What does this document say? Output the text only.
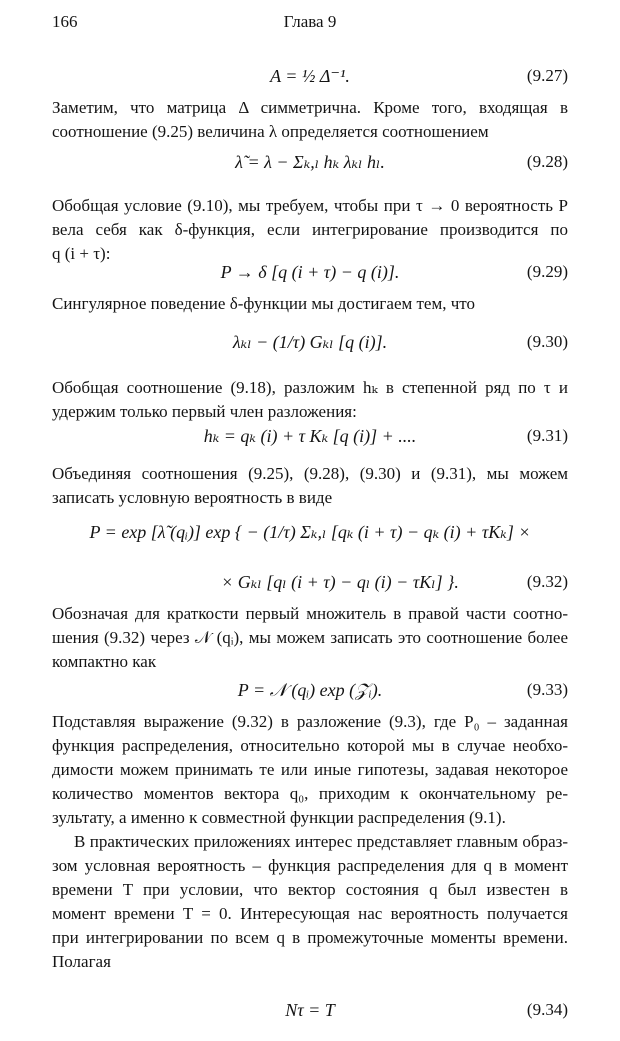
166	Глава 9
A = ½ Δ⁻¹.	(9.27)
Заметим, что матрица Δ симметрична. Кроме того, входящая в
соотношение (9.25) величина λ определяется соотношением
λ̃ = λ − Σₖ,ₗ hₖ λₖₗ hₗ.	(9.28)
Обобщая условие (9.10), мы требуем, чтобы при τ → 0 вероятность P
вела себя как δ-функция, если интегрирование производится по
q (i + τ):
P → δ [q (i + τ) − q (i)].	(9.29)
Сингулярное поведение δ-функции мы достигаем тем, что
λₖₗ − (1/τ) Gₖₗ [q (i)].	(9.30)
Обобщая соотношение (9.18), разложим hₖ в степенной ряд по τ и
удержим только первый член разложения:
hₖ = qₖ (i) + τ Kₖ [q (i)] + ....	(9.31)
Объединяя соотношения (9.25), (9.28), (9.30) и (9.31), мы можем
записать условную вероятность в виде
P = exp [λ̃ (qᵢ)] exp { − (1/τ) Σₖ,ₗ [qₖ (i + τ) − qₖ (i) + τKₖ] ×
× Gₖₗ [qₗ (i + τ) − qₗ (i) − τKₗ] }.	(9.32)
Обозначая для краткости первый множитель в правой части соотно-
шения (9.32) через 𝒩 (qᵢ), мы можем записать это соотношение более
компактно как
P = 𝒩 (qᵢ) exp (𝒵ᵢ).	(9.33)
Подставляя выражение (9.32) в разложение (9.3), где P₀ – заданная
функция распределения, относительно которой мы в случае необхо-
димости можем принимать те или иные гипотезы, задавая некоторое
количество моментов вектора q₀, приходим к окончательному ре-
зультату, а именно к совместной функции распределения (9.1).
В практических приложениях интерес представляет главным образ-
зом условная вероятность – функция распределения для q в момент
времени T при условии, что вектор состояния q был известен в
момент времени T = 0. Интересующая нас вероятность получается
при интегрировании по всем q в промежуточные моменты времени.
Полагая
Nτ = T	(9.34)
